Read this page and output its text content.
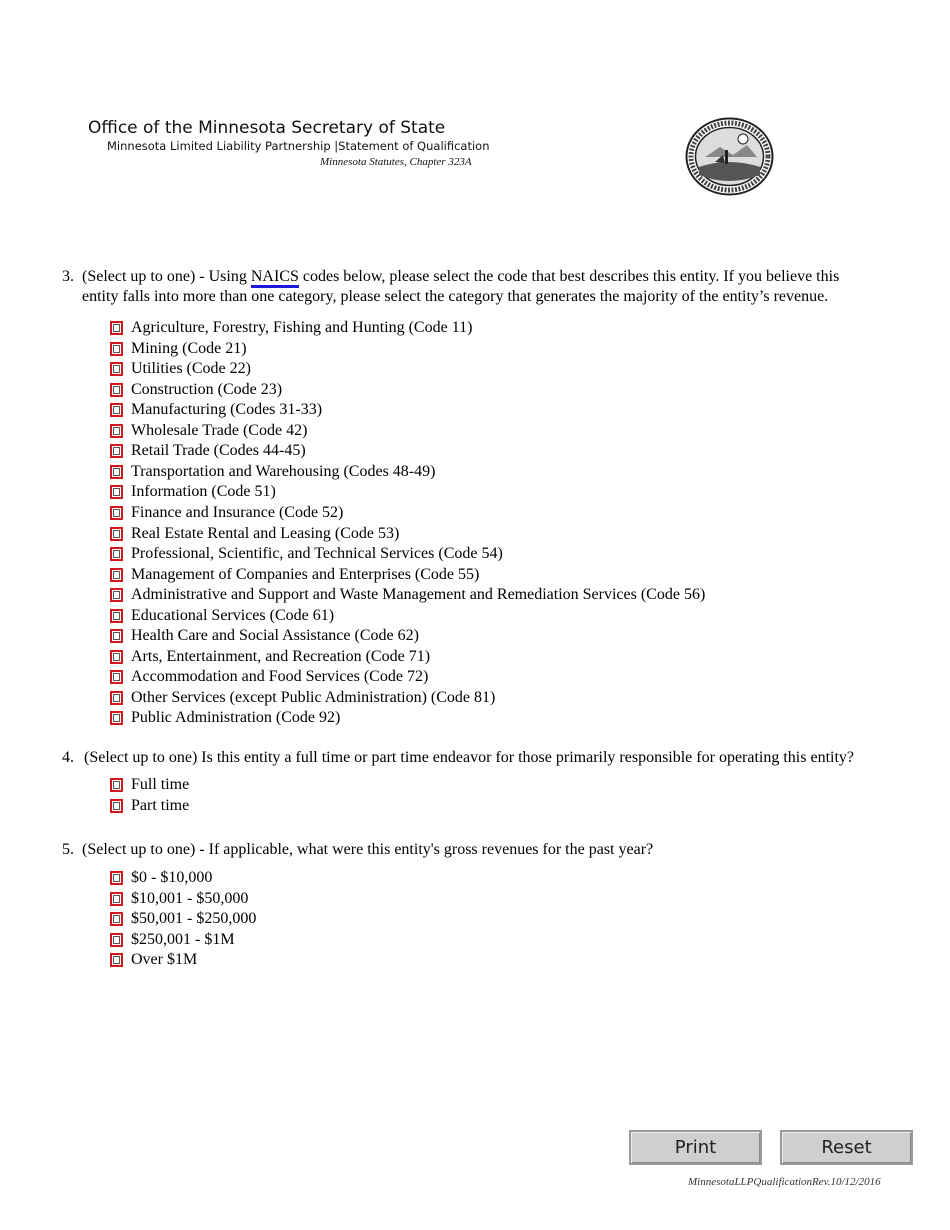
Office of the Minnesota Secretary of State
Minnesota Limited Liability Partnership |Statement of Qualification
Minnesota Statutes, Chapter 323A
3. (Select up to one) - Using NAICS codes below, please select the code that best describes this entity. If you believe this
entity falls into more than one category, please select the category that generates the majority of the entity’s revenue.
Agriculture, Forestry, Fishing and Hunting (Code 11)
Mining (Code 21)
Utilities (Code 22)
Construction (Code 23)
Manufacturing (Codes 31-33)
Wholesale Trade (Code 42)
Retail Trade (Codes 44-45)
Transportation and Warehousing (Codes 48-49)
Information (Code 51)
Finance and Insurance (Code 52)
Real Estate Rental and Leasing (Code 53)
Professional, Scientific, and Technical Services (Code 54)
Management of Companies and Enterprises (Code 55)
Administrative and Support and Waste Management and Remediation Services (Code 56)
Educational Services (Code 61)
Health Care and Social Assistance (Code 62)
Arts, Entertainment, and Recreation (Code 71)
Accommodation and Food Services (Code 72)
Other Services (except Public Administration) (Code 81)
Public Administration (Code 92)
4. (Select up to one) Is this entity a full time or part time endeavor for those primarily responsible for operating this entity?
Full time
Part time
5. (Select up to one) - If applicable, what were this entity's gross revenues for the past year?
$0 - $10,000
$10,001 - $50,000
$50,001 - $250,000
$250,001 - $1M
Over $1M
Print	Reset
MinnesotaLLPQualificationRev.10/12/2016
